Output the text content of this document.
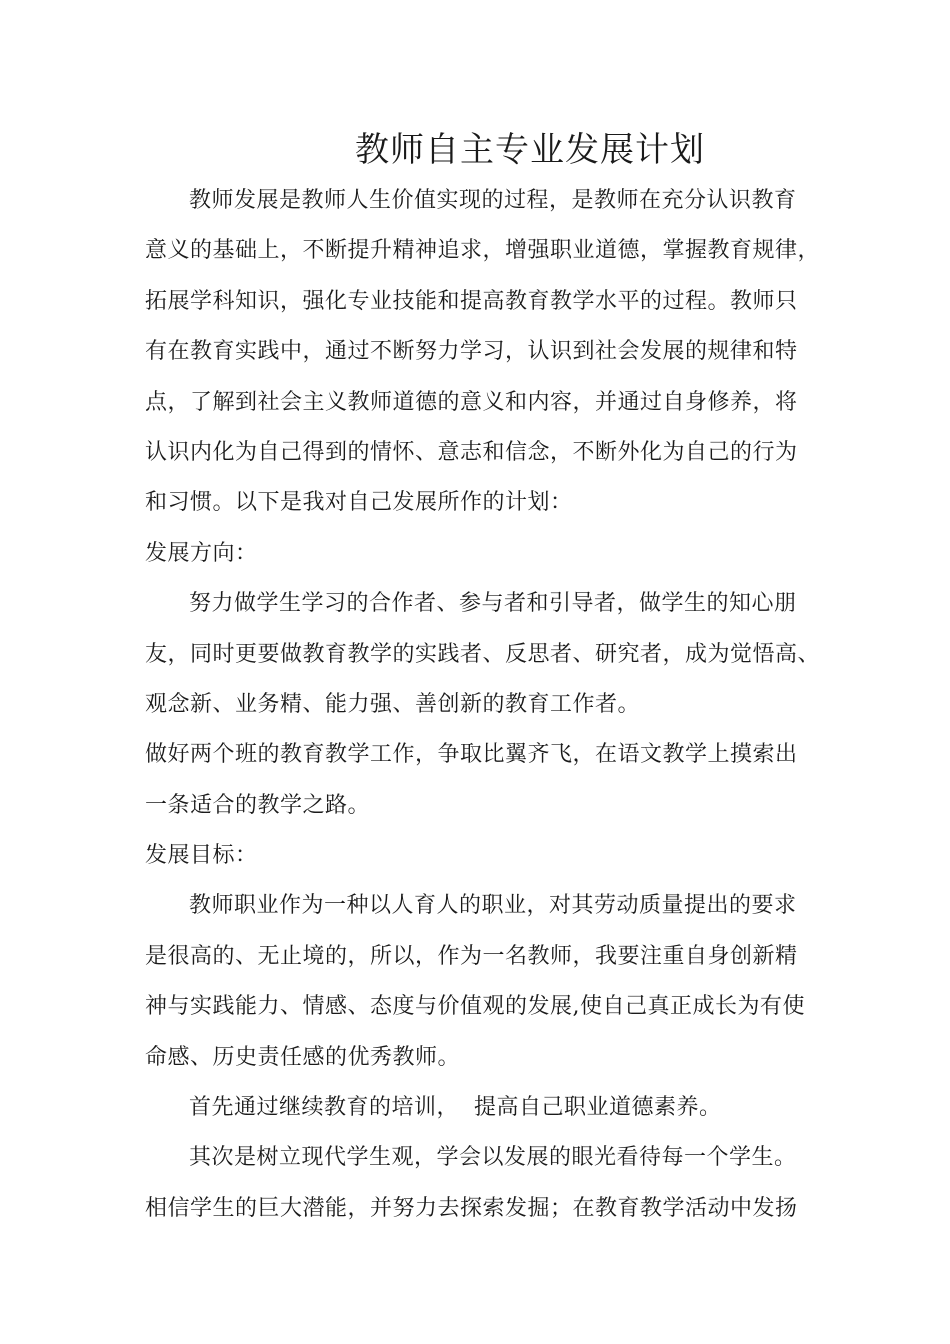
教师自主专业发展计划
教师发展是教师人生价值实现的过程，是教师在充分认识教育
意义的基础上，不断提升精神追求，增强职业道德，掌握教育规律，
拓展学科知识，强化专业技能和提高教育教学水平的过程。教师只
有在教育实践中，通过不断努力学习，认识到社会发展的规律和特
点，了解到社会主义教师道德的意义和内容，并通过自身修养，将
认识内化为自己得到的情怀、意志和信念，不断外化为自己的行为
和习惯。以下是我对自己发展所作的计划：
发展方向：
努力做学生学习的合作者、参与者和引导者，做学生的知心朋
友，同时更要做教育教学的实践者、反思者、研究者，成为觉悟高、
观念新、业务精、能力强、善创新的教育工作者。
做好两个班的教育教学工作，争取比翼齐飞，在语文教学上摸索出
一条适合的教学之路。
发展目标：
教师职业作为一种以人育人的职业，对其劳动质量提出的要求
是很高的、无止境的，所以，作为一名教师，我要注重自身创新精
神与实践能力、情感、态度与价值观的发展,使自己真正成长为有使
命感、历史责任感的优秀教师。
首先通过继续教育的培训，  提高自己职业道德素养。
其次是树立现代学生观，学会以发展的眼光看待每一个学生。
相信学生的巨大潜能，并努力去探索发掘；在教育教学活动中发扬
